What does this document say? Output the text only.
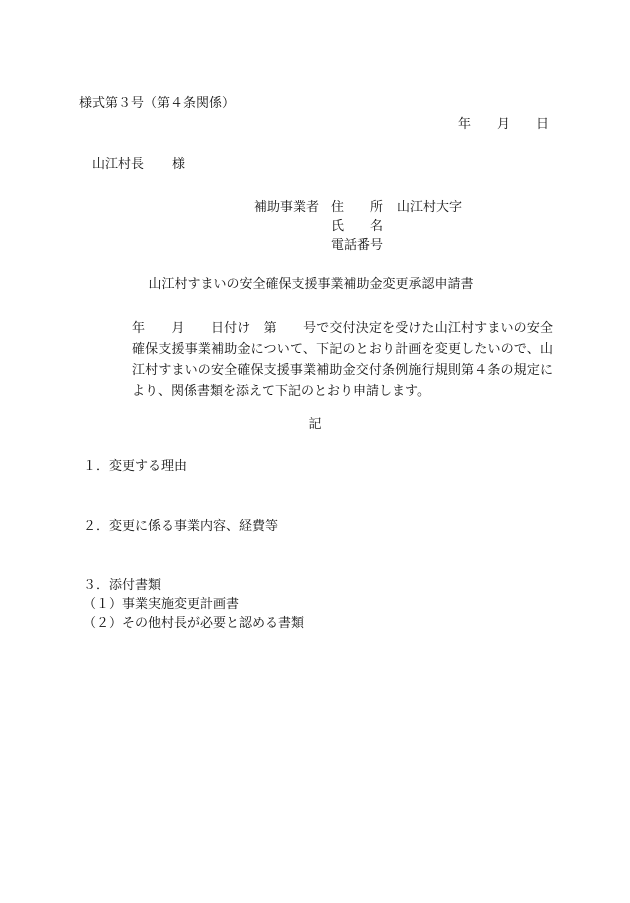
様式第３号（第４条関係）
年 月 日
山江村長 様
補助事業者 住　　所	山江村大字
氏　　名
電話番号
山江村すまいの安全確保支援事業補助金変更承認申請書

年　　月　　日付け　第　　号で交付決定を受けた山江村すまいの安全確保支援事業補助金について、下記のとおり計画を変更したいので、山江村すまいの安全確保支援事業補助金交付条例施行規則第４条の規定により、関係書類を添えて下記のとおり申請します。

記
１．変更する理由
２．変更に係る事業内容、経費等
３．添付書類
（１）事業実施変更計画書
（２）その他村長が必要と認める書類
